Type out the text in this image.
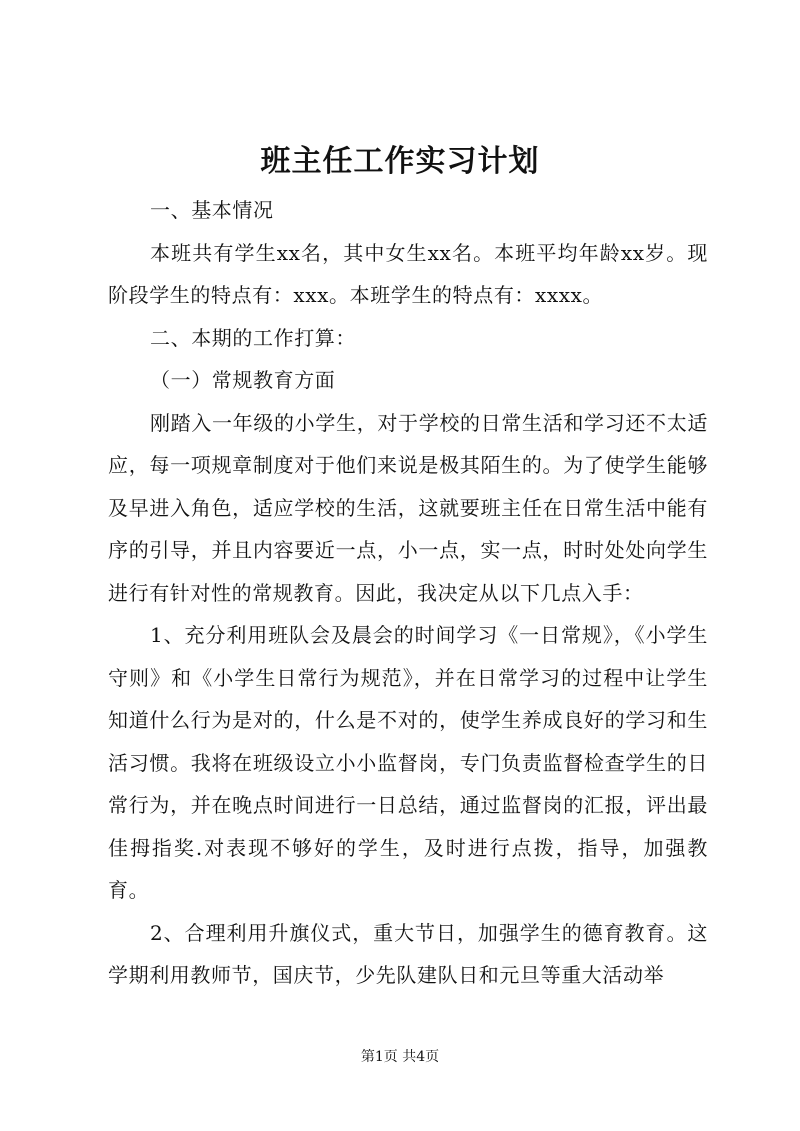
班主任工作实习计划

一、基本情况

本班共有学生xx名，其中女生xx名。本班平均年龄xx岁。现阶段学生的特点有：xxx。本班学生的特点有：xxxx。

二、本期的工作打算：

（一）常规教育方面

刚踏入一年级的小学生，对于学校的日常生活和学习还不太适应，每一项规章制度对于他们来说是极其陌生的。为了使学生能够及早进入角色，适应学校的生活，这就要班主任在日常生活中能有序的引导，并且内容要近一点，小一点，实一点，时时处处向学生进行有针对性的常规教育。因此，我决定从以下几点入手：

1、充分利用班队会及晨会的时间学习《一日常规》，《小学生守则》和《小学生日常行为规范》，并在日常学习的过程中让学生知道什么行为是对的，什么是不对的，使学生养成良好的学习和生活习惯。我将在班级设立小小监督岗，专门负责监督检查学生的日常行为，并在晚点时间进行一日总结，通过监督岗的汇报，评出最佳拇指奖.对表现不够好的学生，及时进行点拨，指导，加强教育。

2、合理利用升旗仪式，重大节日，加强学生的德育教育。这学期利用教师节，国庆节，少先队建队日和元旦等重大活动举

第1页 共4页
